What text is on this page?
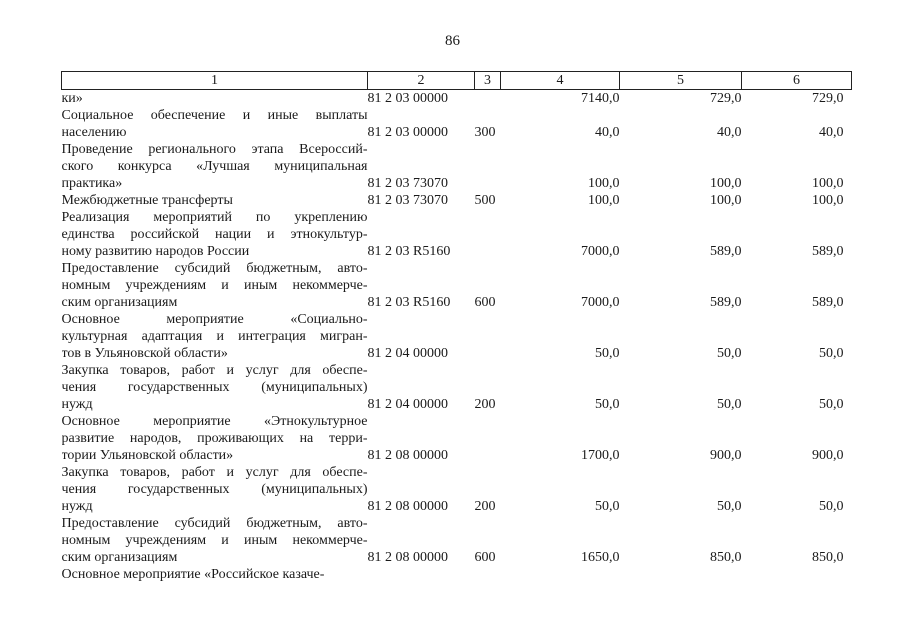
86
1	2	3	4	5	6

ки»	81 2 03 00000		7140,0	729,0	729,0

Социальное обеспечение и иные выплаты
населению	81 2 03 00000	300	40,0	40,0	40,0

Проведение регионального этапа Всероссий-
ского конкурса «Лучшая муниципальная
практика»	81 2 03 73070		100,0	100,0	100,0

Межбюджетные трансферты	81 2 03 73070	500	100,0	100,0	100,0

Реализация мероприятий по укреплению
единства российской нации и этнокультур-
ному развитию народов России	81 2 03 R5160		7000,0	589,0	589,0

Предоставление субсидий бюджетным, авто-
номным учреждениям и иным некоммерче-
ским организациям	81 2 03 R5160	600	7000,0	589,0	589,0

Основное мероприятие «Социально-
культурная адаптация и интеграция мигран-
тов в Ульяновской области»	81 2 04 00000		50,0	50,0	50,0

Закупка товаров, работ и услуг для обеспе-
чения государственных (муниципальных)
нужд	81 2 04 00000	200	50,0	50,0	50,0

Основное мероприятие «Этнокультурное
развитие народов, проживающих на терри-
тории Ульяновской области»	81 2 08 00000		1700,0	900,0	900,0

Закупка товаров, работ и услуг для обеспе-
чения государственных (муниципальных)
нужд	81 2 08 00000	200	50,0	50,0	50,0

Предоставление субсидий бюджетным, авто-
номным учреждениям и иным некоммерче-
ским организациям	81 2 08 00000	600	1650,0	850,0	850,0

Основное мероприятие «Российское казаче-					
